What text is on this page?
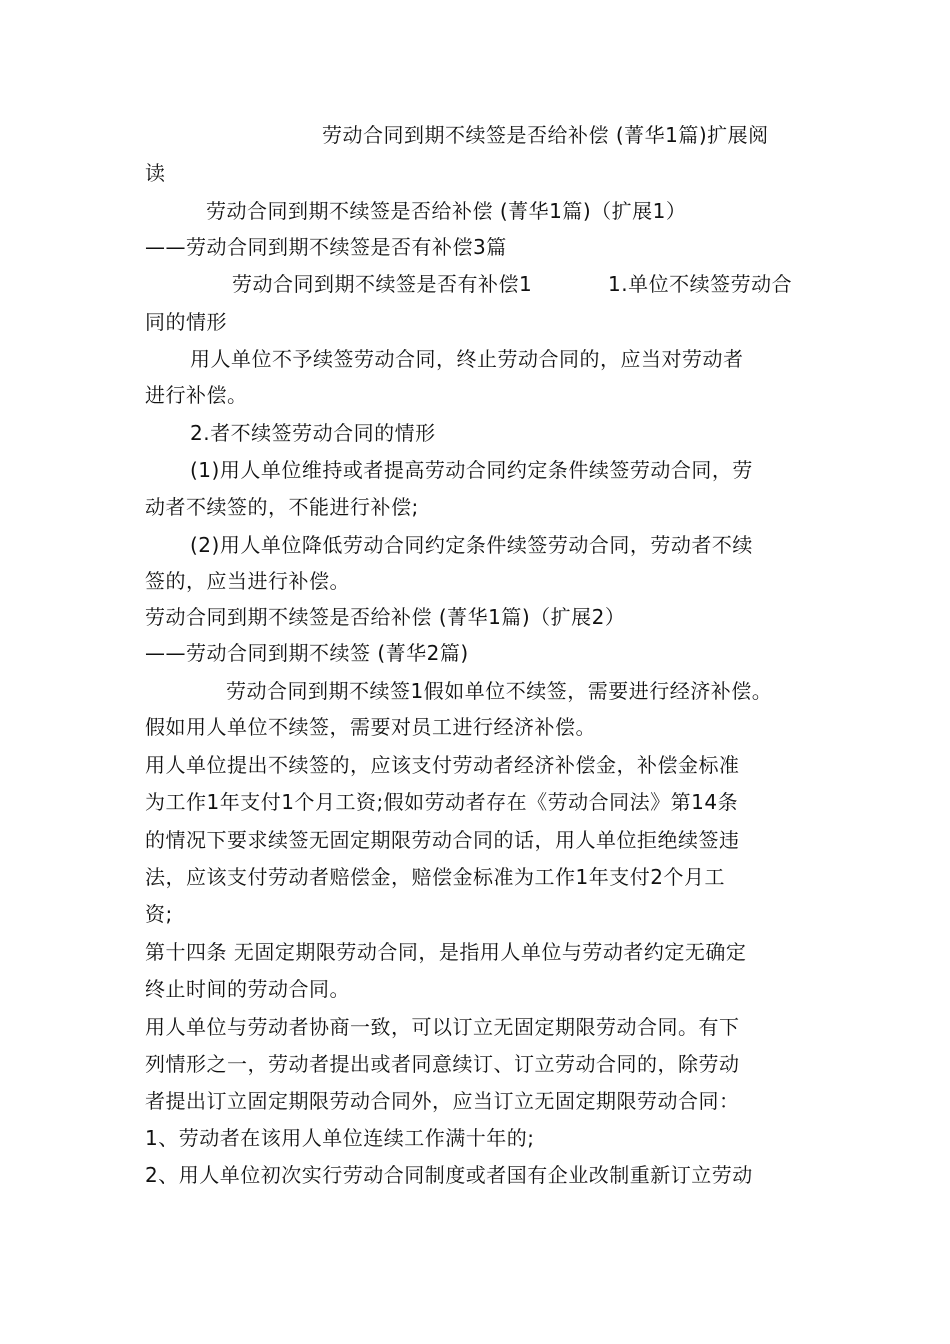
劳动合同到期不续签是否给补偿 (菁华1篇)扩展阅
读
劳动合同到期不续签是否给补偿 (菁华1篇)（扩展1）
——劳动合同到期不续签是否有补偿3篇
劳动合同到期不续签是否有补偿1	1.单位不续签劳动合
同的情形
用人单位不予续签劳动合同，终止劳动合同的，应当对劳动者
进行补偿。
2.者不续签劳动合同的情形
(1)用人单位维持或者提高劳动合同约定条件续签劳动合同，劳
动者不续签的，不能进行补偿;
(2)用人单位降低劳动合同约定条件续签劳动合同，劳动者不续
签的，应当进行补偿。
劳动合同到期不续签是否给补偿 (菁华1篇)（扩展2）
——劳动合同到期不续签 (菁华2篇)
劳动合同到期不续签1假如单位不续签，需要进行经济补偿。
假如用人单位不续签，需要对员工进行经济补偿。
用人单位提出不续签的，应该支付劳动者经济补偿金，补偿金标准
为工作1年支付1个月工资;假如劳动者存在《劳动合同法》第14条
的情况下要求续签无固定期限劳动合同的话，用人单位拒绝续签违
法，应该支付劳动者赔偿金，赔偿金标准为工作1年支付2个月工
资;
第十四条 无固定期限劳动合同，是指用人单位与劳动者约定无确定
终止时间的劳动合同。
用人单位与劳动者协商一致，可以订立无固定期限劳动合同。有下
列情形之一，劳动者提出或者同意续订、订立劳动合同的，除劳动
者提出订立固定期限劳动合同外，应当订立无固定期限劳动合同：
1、劳动者在该用人单位连续工作满十年的;
2、用人单位初次实行劳动合同制度或者国有企业改制重新订立劳动
